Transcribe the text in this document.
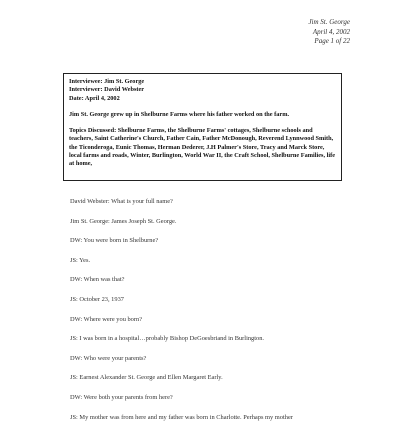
Jim St. George
April 4, 2002
Page 1 of 22
Interviewee: Jim St. George
Interviewer: David Webster
Date: April 4, 2002

Jim St. George grew up in Shelburne Farms where his father worked on the farm.

Topics Discussed: Shelburne Farms, the Shelburne Farms' cottages, Shelburne schools and teachers, Saint Catherine's Church, Father Cain, Father McDonough, Reverend Lynnwood Smith, the Ticonderoga, Eunic Thomas, Herman Dederer, J.H Palmer's Store, Tracy and Marck Store, local farms and roads, Winter, Burlington, World War II, the Craft School, Shelburne Families, life at home,

David Webster: What is your full name?

Jim St. George: James Joseph St. George.

DW: You were born in Shelburne?

JS: Yes.

DW: When was that?

JS: October 23, 1937

DW: Where were you born?

JS: I was born in a hospital…probably Bishop DeGoesbriand in Burlington.

DW: Who were your parents?

JS: Earnest Alexander St. George and Ellen Margaret Early.

DW: Were both your parents from here?

JS: My mother was from here and my father was born in Charlotte. Perhaps my mother
